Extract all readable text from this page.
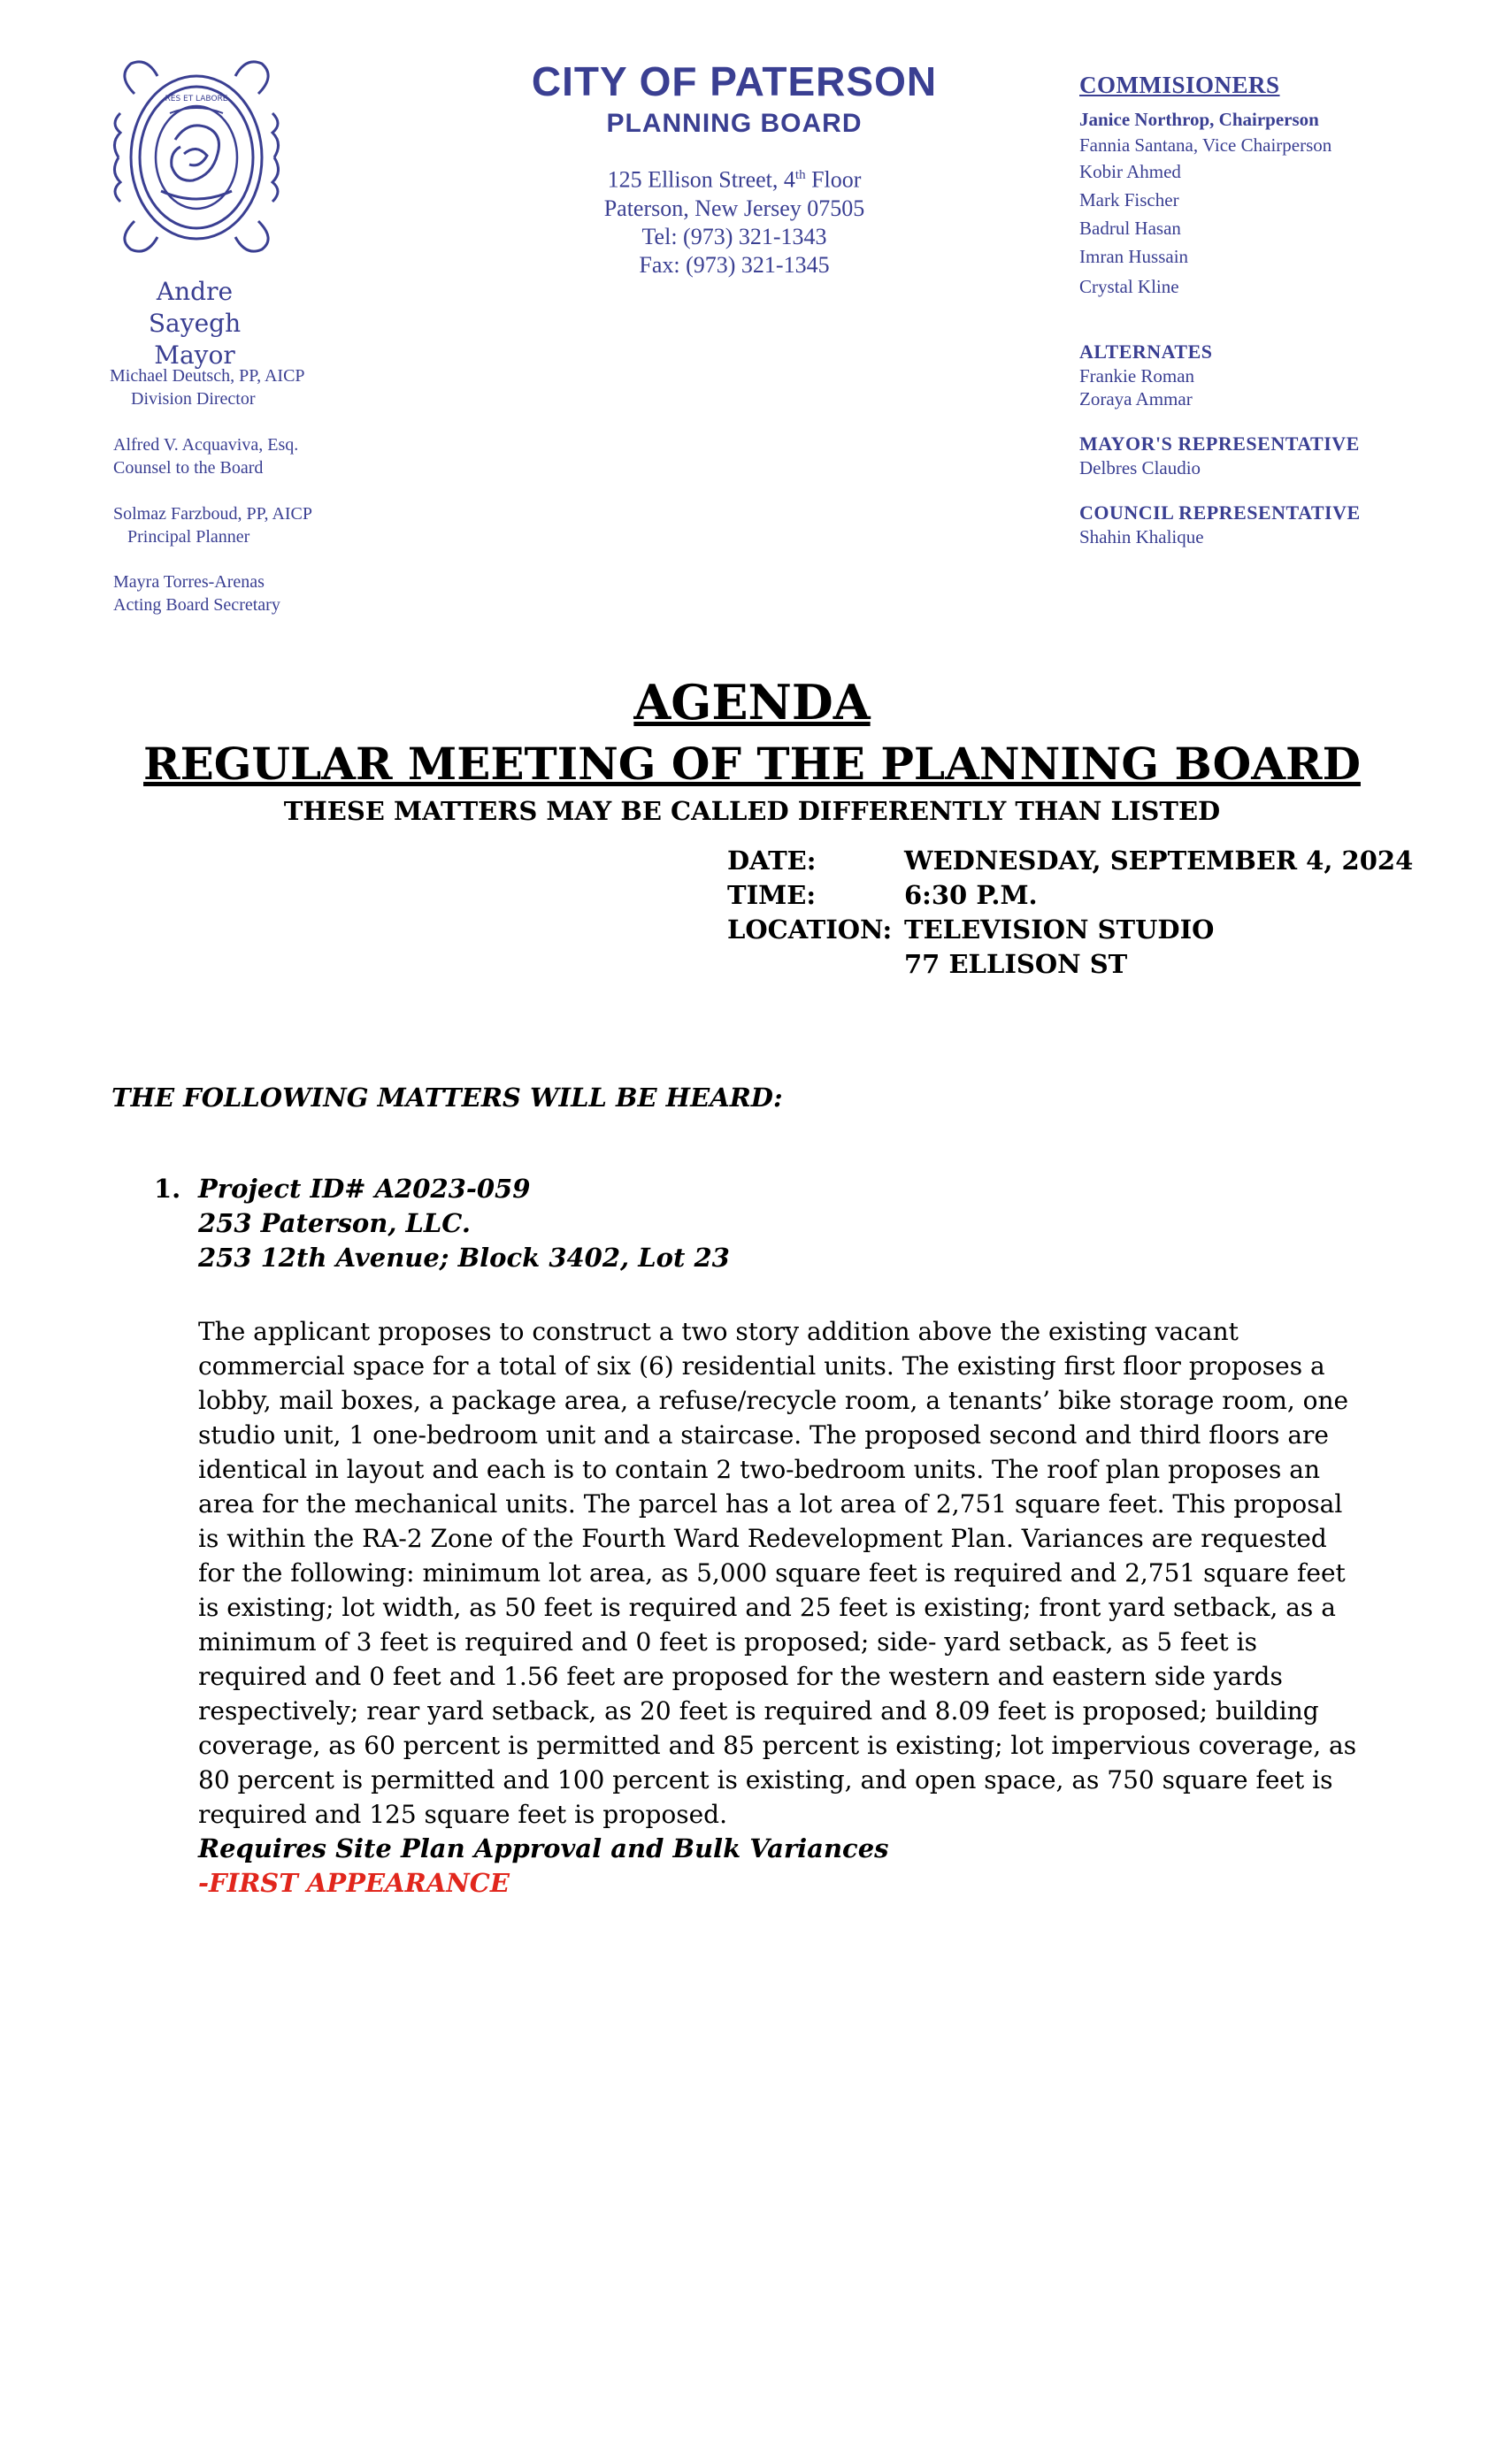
RES ET LABORE
Andre Sayegh
Mayor
Michael Deutsch, PP, AICP
Division Director
Alfred V. Acquaviva, Esq.
Counsel to the Board
Solmaz Farzboud, PP, AICP
Principal Planner
Mayra Torres-Arenas
Acting Board Secretary
CITY OF PATERSON
PLANNING BOARD
125 Ellison Street, 4th Floor
Paterson, New Jersey 07505
Tel: (973) 321-1343
Fax: (973) 321-1345
COMMISIONERS
Janice Northrop, Chairperson
Fannia Santana, Vice Chairperson
Kobir Ahmed
Mark Fischer
Badrul Hasan
Imran Hussain
Crystal Kline
ALTERNATES
Frankie Roman
Zoraya Ammar
MAYOR'S REPRESENTATIVE
Delbres Claudio
COUNCIL REPRESENTATIVE
Shahin Khalique
AGENDA
REGULAR MEETING OF THE PLANNING BOARD
THESE MATTERS MAY BE CALLED DIFFERENTLY THAN LISTED
DATE:	WEDNESDAY, SEPTEMBER 4, 2024
TIME:	6:30 P.M.
LOCATION: TELEVISION STUDIO
77 ELLISON ST
THE FOLLOWING MATTERS WILL BE HEARD:
1. Project ID# A2023-059
253 Paterson, LLC.
253 12th Avenue; Block 3402, Lot 23
The applicant proposes to construct a two story addition above the existing vacant commercial space for a total of six (6) residential units. The existing first floor proposes a lobby, mail boxes, a package area, a refuse/recycle room, a tenants’ bike storage room, one studio unit, 1 one-bedroom unit and a staircase. The proposed second and third floors are identical in layout and each is to contain 2 two-bedroom units. The roof plan proposes an area for the mechanical units. The parcel has a lot area of 2,751 square feet. This proposal is within the RA-2 Zone of the Fourth Ward Redevelopment Plan. Variances are requested for the following: minimum lot area, as 5,000 square feet is required and 2,751 square feet is existing; lot width, as 50 feet is required and 25 feet is existing; front yard setback, as a minimum of 3 feet is required and 0 feet is proposed; side- yard setback, as 5 feet is required and 0 feet and 1.56 feet are proposed for the western and eastern side yards respectively; rear yard setback, as 20 feet is required and 8.09 feet is proposed; building coverage, as 60 percent is permitted and 85 percent is existing; lot impervious coverage, as 80 percent is permitted and 100 percent is existing, and open space, as 750 square feet is required and 125 square feet is proposed.
Requires Site Plan Approval and Bulk Variances
-FIRST APPEARANCE
